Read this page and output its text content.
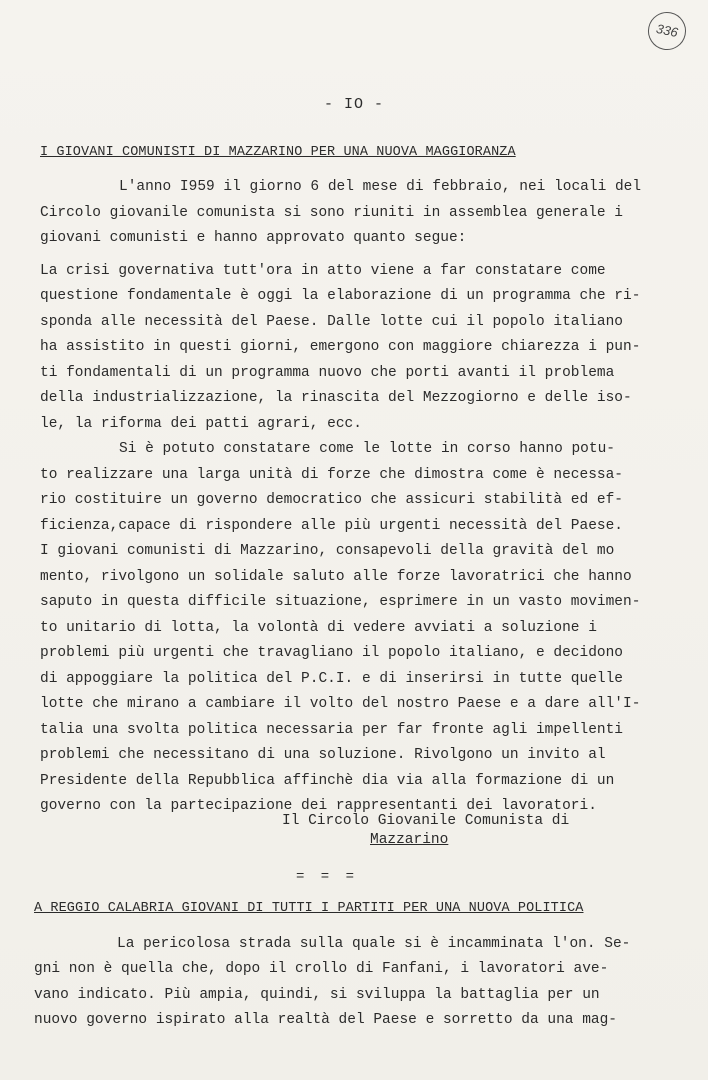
336
- IO -
I GIOVANI COMUNISTI DI MAZZARINO PER UNA NUOVA MAGGIORANZA
L'anno I959 il giorno 6 del mese di febbraio, nei locali del
Circolo giovanile comunista si sono riuniti in assemblea generale i
giovani comunisti e hanno approvato quanto segue:
La crisi governativa tutt'ora in atto viene a far constatare come
questione fondamentale è oggi la elaborazione di un programma che ri-
sponda alle necessità del Paese. Dalle lotte cui il popolo italiano
ha assistito in questi giorni, emergono con maggiore chiarezza i pun-
ti fondamentali di un programma nuovo che porti avanti il problema
della industrializzazione, la rinascita del Mezzogiorno e delle iso-
le, la riforma dei patti agrari, ecc.
Si è potuto constatare come le lotte in corso hanno potu-
to realizzare una larga unità di forze che dimostra come è necessa-
rio costituire un governo democratico che assicuri stabilità ed ef-
ficienza,capace di rispondere alle più urgenti necessità del Paese.
I giovani comunisti di Mazzarino, consapevoli della gravità del mo
mento, rivolgono un solidale saluto alle forze lavoratrici che hanno
saputo in questa difficile situazione, esprimere in un vasto movimen-
to unitario di lotta, la volontà di vedere avviati a soluzione i
problemi più urgenti che travagliano il popolo italiano, e decidono
di appoggiare la politica del P.C.I. e di inserirsi in tutte quelle
lotte che mirano a cambiare il volto del nostro Paese e a dare all'I-
talia una svolta politica necessaria per far fronte agli impellenti
problemi che necessitano di una soluzione. Rivolgono un invito al
Presidente della Repubblica affinchè dia via alla formazione di un
governo con la partecipazione dei rappresentanti dei lavoratori.
Il Circolo Giovanile Comunista di
Mazzarino
= = =
A REGGIO CALABRIA GIOVANI DI TUTTI I PARTITI PER UNA NUOVA POLITICA
La pericolosa strada sulla quale si è incamminata l'on. Se-
gni non è quella che, dopo il crollo di Fanfani, i lavoratori ave-
vano indicato. Più ampia, quindi, si sviluppa la battaglia per un
nuovo governo ispirato alla realtà del Paese e sorretto da una mag-
